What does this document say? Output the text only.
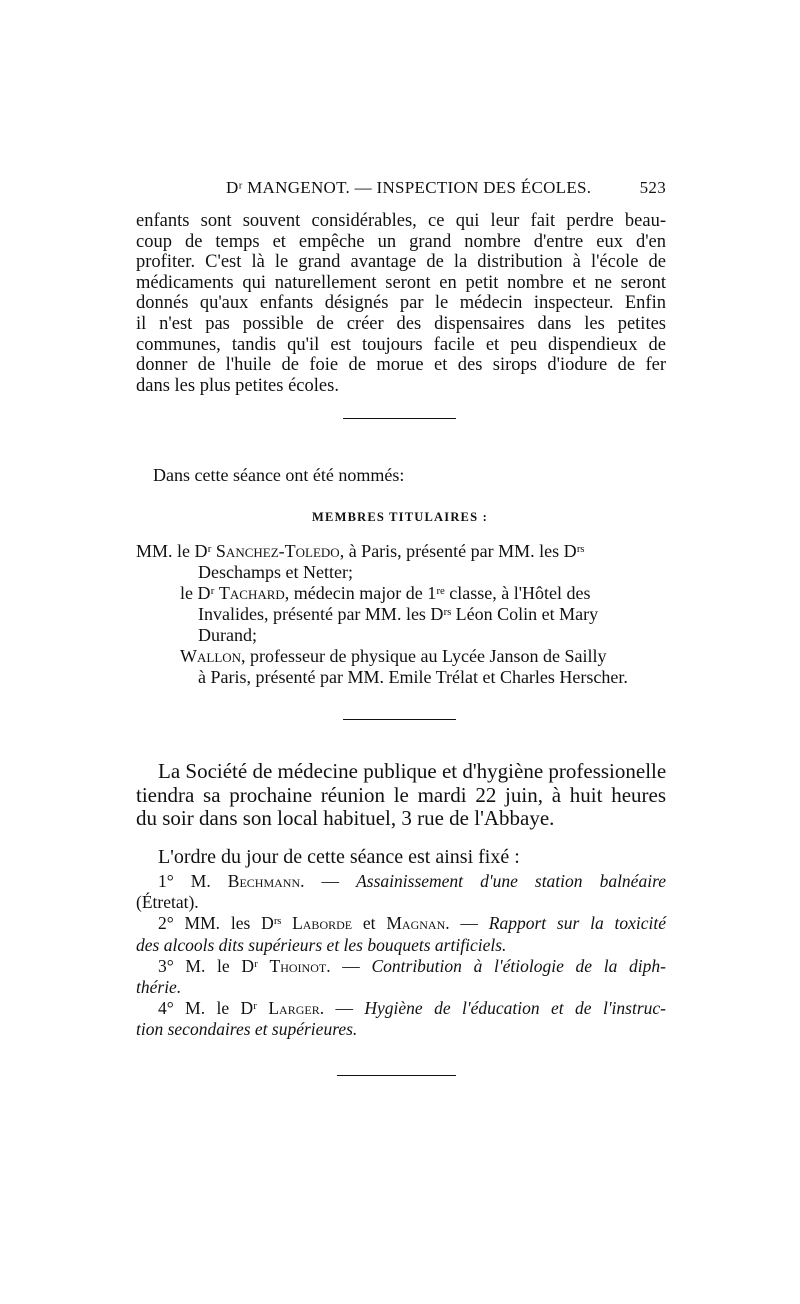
Dʳ MANGENOT. — INSPECTION DES ÉCOLES.	523
enfants sont souvent considérables, ce qui leur fait perdre beau-
coup de temps et empêche un grand nombre d'entre eux d'en
profiter. C'est là le grand avantage de la distribution à l'école de
médicaments qui naturellement seront en petit nombre et ne seront
donnés qu'aux enfants désignés par le médecin inspecteur. Enfin
il n'est pas possible de créer des dispensaires dans les petites
communes, tandis qu'il est toujours facile et peu dispendieux de
donner de l'huile de foie de morue et des sirops d'iodure de fer
dans les plus petites écoles.
Dans cette séance ont été nommés:
MEMBRES TITULAIRES :
MM. le Dʳ Sanchez-Toledo, à Paris, présenté par MM. les Dʳˢ
Deschamps et Netter;
le Dʳ Tachard, médecin major de 1ʳᵉ classe, à l'Hôtel des
Invalides, présenté par MM. les Dʳˢ Léon Colin et Mary
Durand;
Wallon, professeur de physique au Lycée Janson de Sailly
à Paris, présenté par MM. Emile Trélat et Charles Herscher.
La Société de médecine publique et d'hygiène professionelle
tiendra sa prochaine réunion le mardi 22 juin, à huit heures
du soir dans son local habituel, 3 rue de l'Abbaye.
L'ordre du jour de cette séance est ainsi fixé :
1° M. Bechmann. — Assainissement d'une station balnéaire
(Étretat).
2° MM. les Dʳˢ Laborde et Magnan. — Rapport sur la toxicité
des alcools dits supérieurs et les bouquets artificiels.
3° M. le Dʳ Thoinot. — Contribution à l'étiologie de la diph-
thérie.
4° M. le Dʳ Larger. — Hygiène de l'éducation et de l'instruc-
tion secondaires et supérieures.
